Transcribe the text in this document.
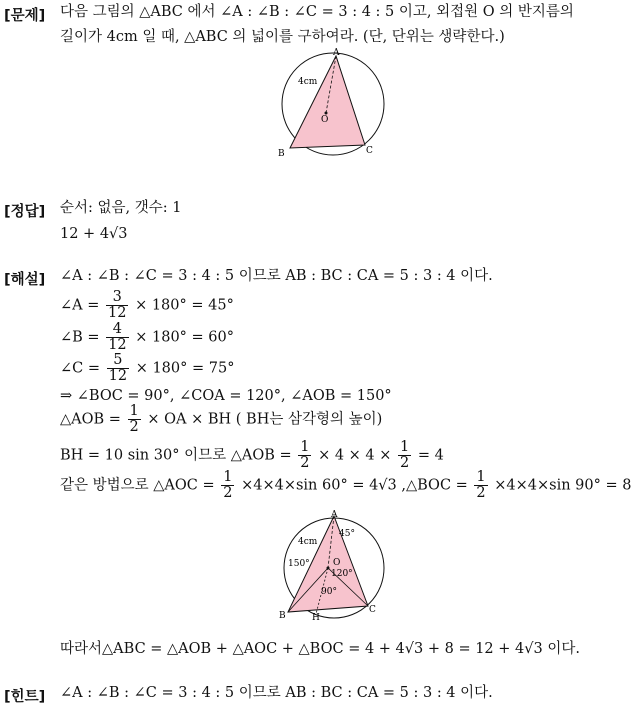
[문제] 다음 그림의 △ABC 에서 ∠A : ∠B : ∠C = 3 : 4 : 5 이고, 외접원 O 의 반지름의
길이가 4cm 일 때, △ABC 의 넓이를 구하여라. (단, 단위는 생략한다.)
A
B	C
O
4cm
[정답] 순서: 없음, 갯수: 1
12 + 4√3
[해설] ∠A : ∠B : ∠C = 3 : 4 : 5 이므로 AB : BC : CA = 5 : 3 : 4 이다.
∠A = $\frac{3}{12} \times 180^\circ = 45^\circ$
∠B = $\frac{4}{12} \times 180^\circ = 60^\circ$
∠C = $\frac{5}{12} \times 180^\circ = 75^\circ$
⇒ ∠BOC = 90°, ∠COA = 120°, ∠AOB = 150°
△AOB = $\frac{1}{2}$ × OA × BH ( BH는 삼각형의 높이)
BH = 10 sin 30° 이므로 △AOB = $\frac{1}{2} \times 4 \times 4 \times \frac{1}{2} = 4$
같은 방법으로 △AOC = $\frac{1}{2} \times 4\times 4\times\sin$ 60° = 4√3 ,△BOC = $\frac{1}{2} \times 4\times 4\times\sin$ 90° = 8
A
B
C
O
H
4cm
45°
150°
120°
90°
따라서△ABC = △AOB + △AOC + △BOC = 4 + 4√3 + 8 = 12 + 4√3 이다.
[힌트] ∠A : ∠B : ∠C = 3 : 4 : 5 이므로 AB : BC : CA = 5 : 3 : 4 이다.
